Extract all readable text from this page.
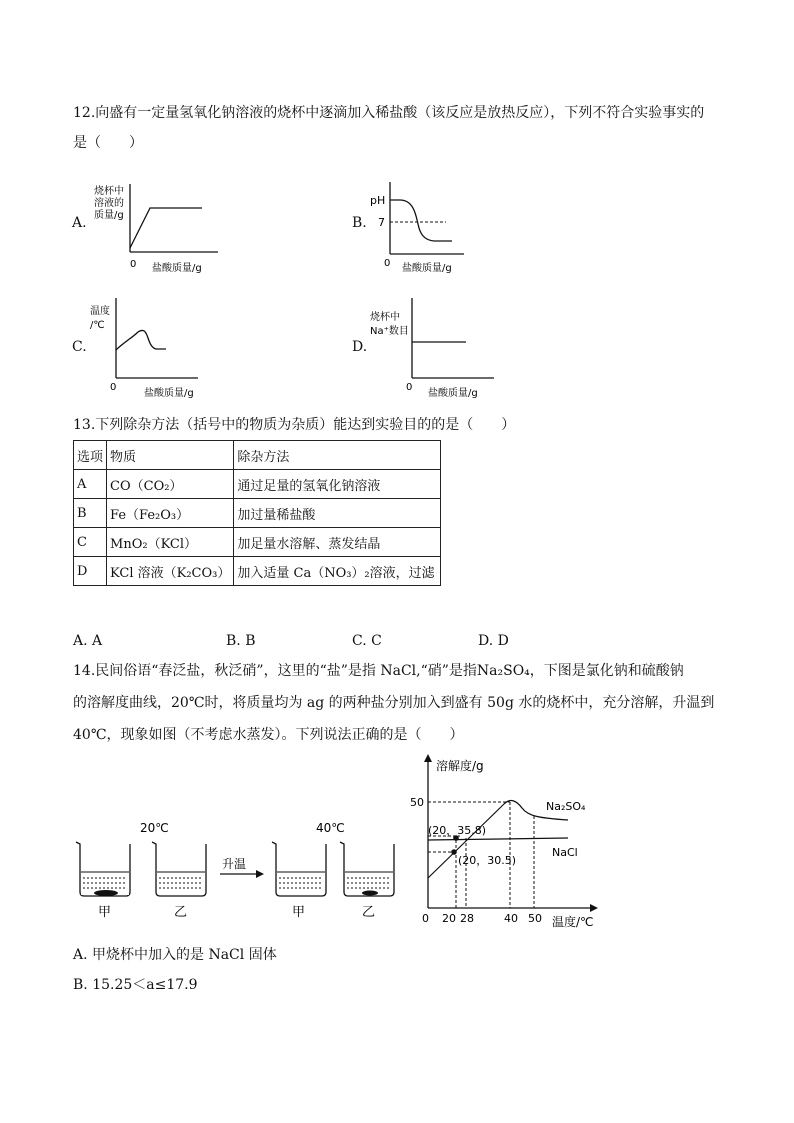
12.向盛有一定量氢氧化钠溶液的烧杯中逐滴加入稀盐酸（该反应是放热反应），下列不符合实验事实的
是（　　）
A.
烧杯中
溶液的
质量/g
0 盐酸质量/g
B.
pH
7
0 盐酸质量/g
C.
温度
/℃
0
盐酸质量/g
D.
烧杯中
Na⁺数目
0
盐酸质量/g
13.下列除杂方法（括号中的物质为杂质）能达到实验目的的是（　　）
选项	物质	除杂方法
A	CO（CO₂）	通过足量的氢氧化钠溶液
B	Fe（Fe₂O₃）	加过量稀盐酸
C	MnO₂（KCl）	加足量水溶解、蒸发结晶
D	KCl 溶液（K₂CO₃）	加入适量 Ca（NO₃）₂溶液，过滤
A. A	B. B	C. C	D. D
14.民间俗语“春泛盐，秋泛硝”，这里的“盐”是指 NaCl,“硝”是指Na₂SO₄，下图是氯化钠和硫酸钠
的溶解度曲线，20℃时，将质量均为 ag 的两种盐分别加入到盛有 50g 水的烧杯中，充分溶解，升温到
40℃，现象如图（不考虑水蒸发）。下列说法正确的是（　　）
20℃	40℃
升温
甲	乙	甲	乙
溶解度/g
温度/℃
50
(20，35.8)
(20，30.5)
Na₂SO₄
NaCl
0 20 28	40 50
A. 甲烧杯中加入的是 NaCl 固体
B. 15.25＜a≤17.9
